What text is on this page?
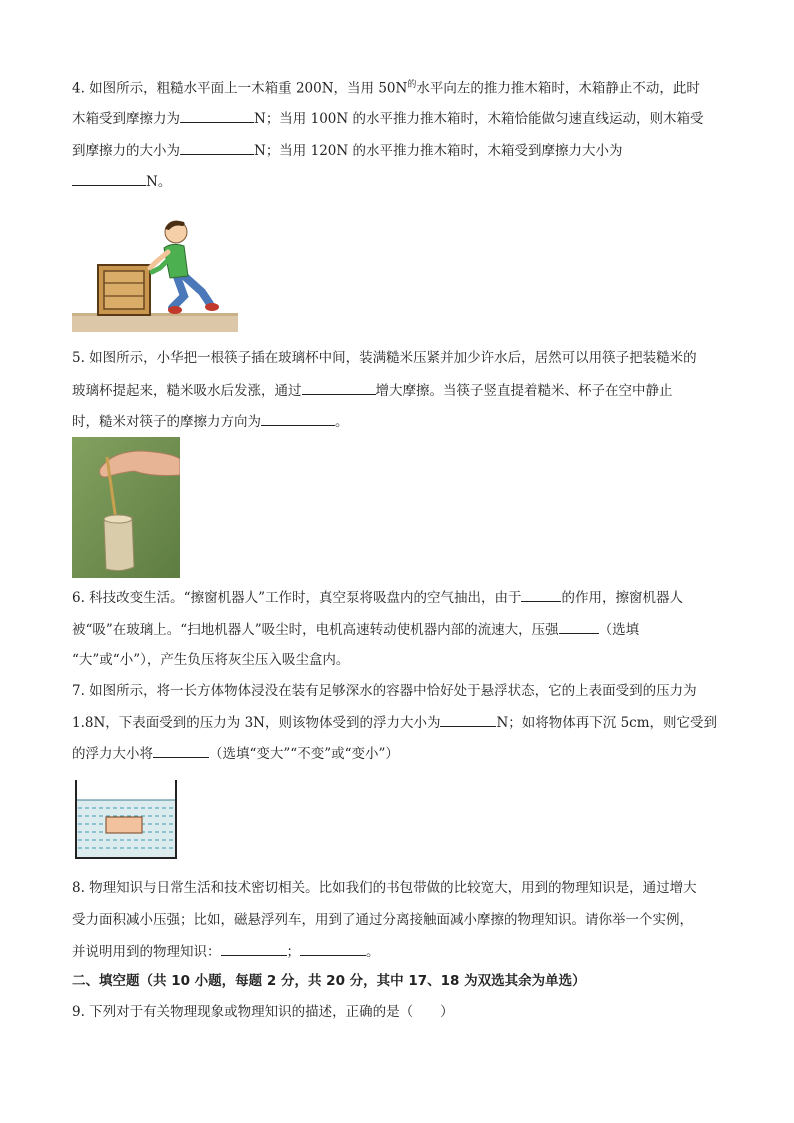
4. 如图所示，粗糙水平面上一木箱重 200N，当用 $50N^的$水平向左的推力推木箱时，木箱静止不动，此时
木箱受到摩擦力为	N；当用 100N 的水平推力推木箱时，木箱恰能做匀速直线运动，则木箱受
到摩擦力的大小为	N；当用 120N 的水平推力推木箱时，木箱受到摩擦力大小为
N。
5. 如图所示，小华把一根筷子插在玻璃杯中间，装满糙米压紧并加少许水后，居然可以用筷子把装糙米的
玻璃杯提起来，糙米吸水后发涨，通过	增大摩擦。当筷子竖直提着糙米、杯子在空中静止
时，糙米对筷子的摩擦力方向为	。
6. 科技改变生活。“擦窗机器人”工作时，真空泵将吸盘内的空气抽出，由于	的作用，擦窗机器人
被“吸”在玻璃上。“扫地机器人”吸尘时，电机高速转动使机器内部的流速大，压强	（选填
“大”或“小”），产生负压将灰尘压入吸尘盒内。
7. 如图所示，将一长方体物体浸没在装有足够深水的容器中恰好处于悬浮状态，它的上表面受到的压力为
1.8N，下表面受到的压力为 3N，则该物体受到的浮力大小为	N；如将物体再下沉 5cm，则它受到
的浮力大小将	（选填“变大”“不变”或“变小”）
8. 物理知识与日常生活和技术密切相关。比如我们的书包带做的比较宽大，用到的物理知识是，通过增大
受力面积减小压强；比如，磁悬浮列车，用到了通过分离接触面减小摩擦的物理知识。请你举一个实例，
并说明用到的物理知识：	；	。
二、填空题（共 10 小题，每题 2 分，共 20 分，其中 17、18 为双选其余为单选）
9. 下列对于有关物理现象或物理知识的描述，正确的是（　　）
